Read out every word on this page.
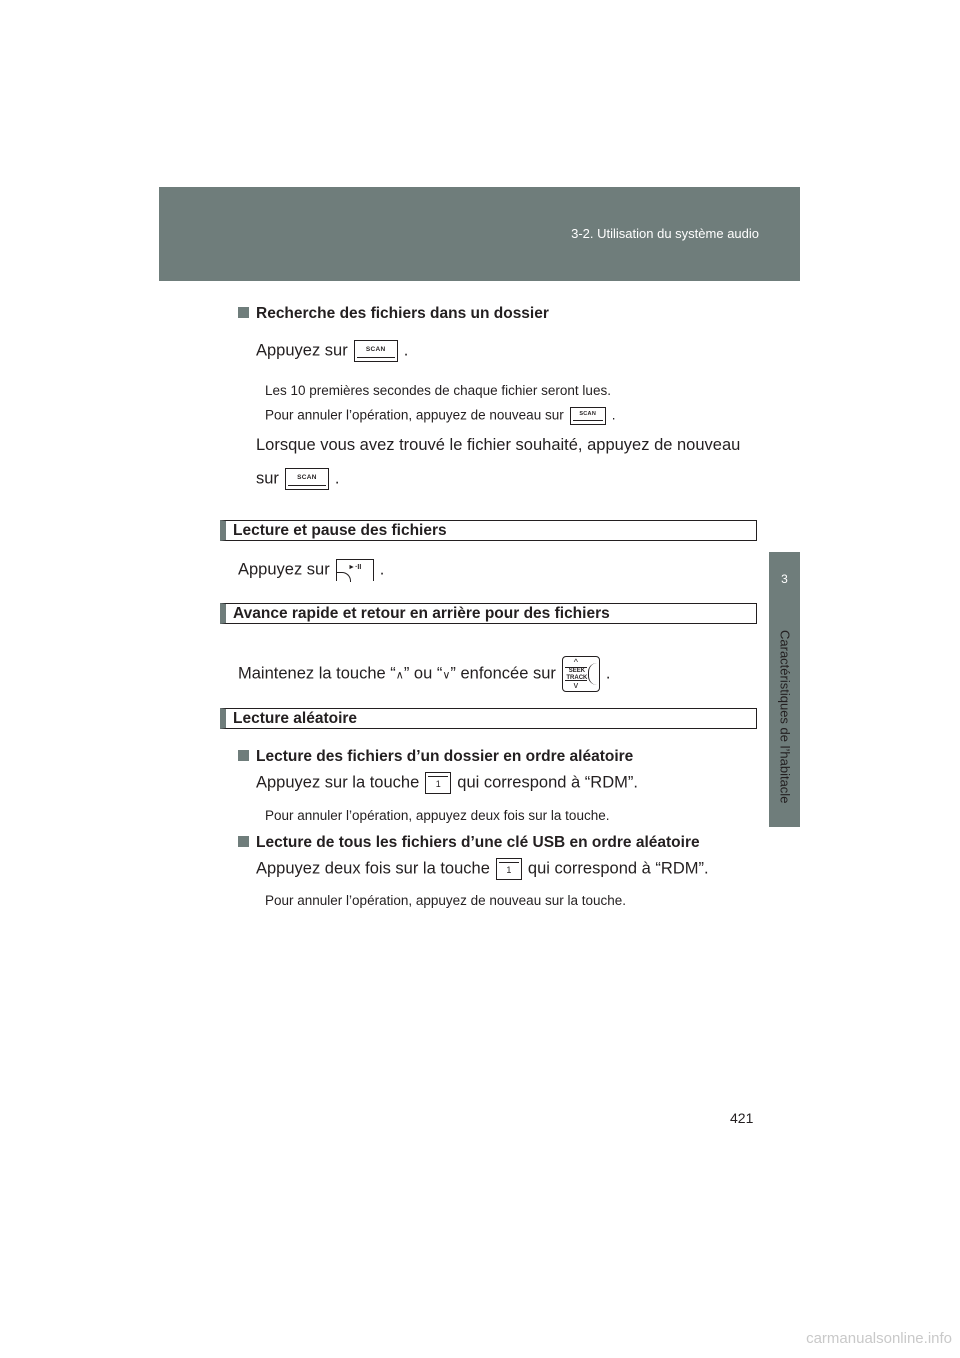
3-2. Utilisation du système audio
3
Caractéristiques de l’habitacle
Recherche des fichiers dans un dossier
Appuyez sur	SCAN	.
Les 10 premières secondes de chaque fichier seront lues.
Pour annuler l’opération, appuyez de nouveau sur	SCAN	.
Lorsque vous avez trouvé le fichier souhaité, appuyez de nouveau
sur	SCAN	.
Lecture et pause des fichiers
Appuyez sur	►·II	.
Avance rapide et retour en arrière pour des fichiers
Maintenez la touche “∧” ou “∨” enfoncée sur
^
SEEK
TRACK
v
.
Lecture aléatoire
Lecture des fichiers d’un dossier en ordre aléatoire
Appuyez sur la touche	1	qui correspond à “RDM”.
Pour annuler l’opération, appuyez deux fois sur la touche.
Lecture de tous les fichiers d’une clé USB en ordre aléatoire
Appuyez deux fois sur la touche	1	qui correspond à “RDM”.
Pour annuler l’opération, appuyez de nouveau sur la touche.
421
carmanualsonline.info
